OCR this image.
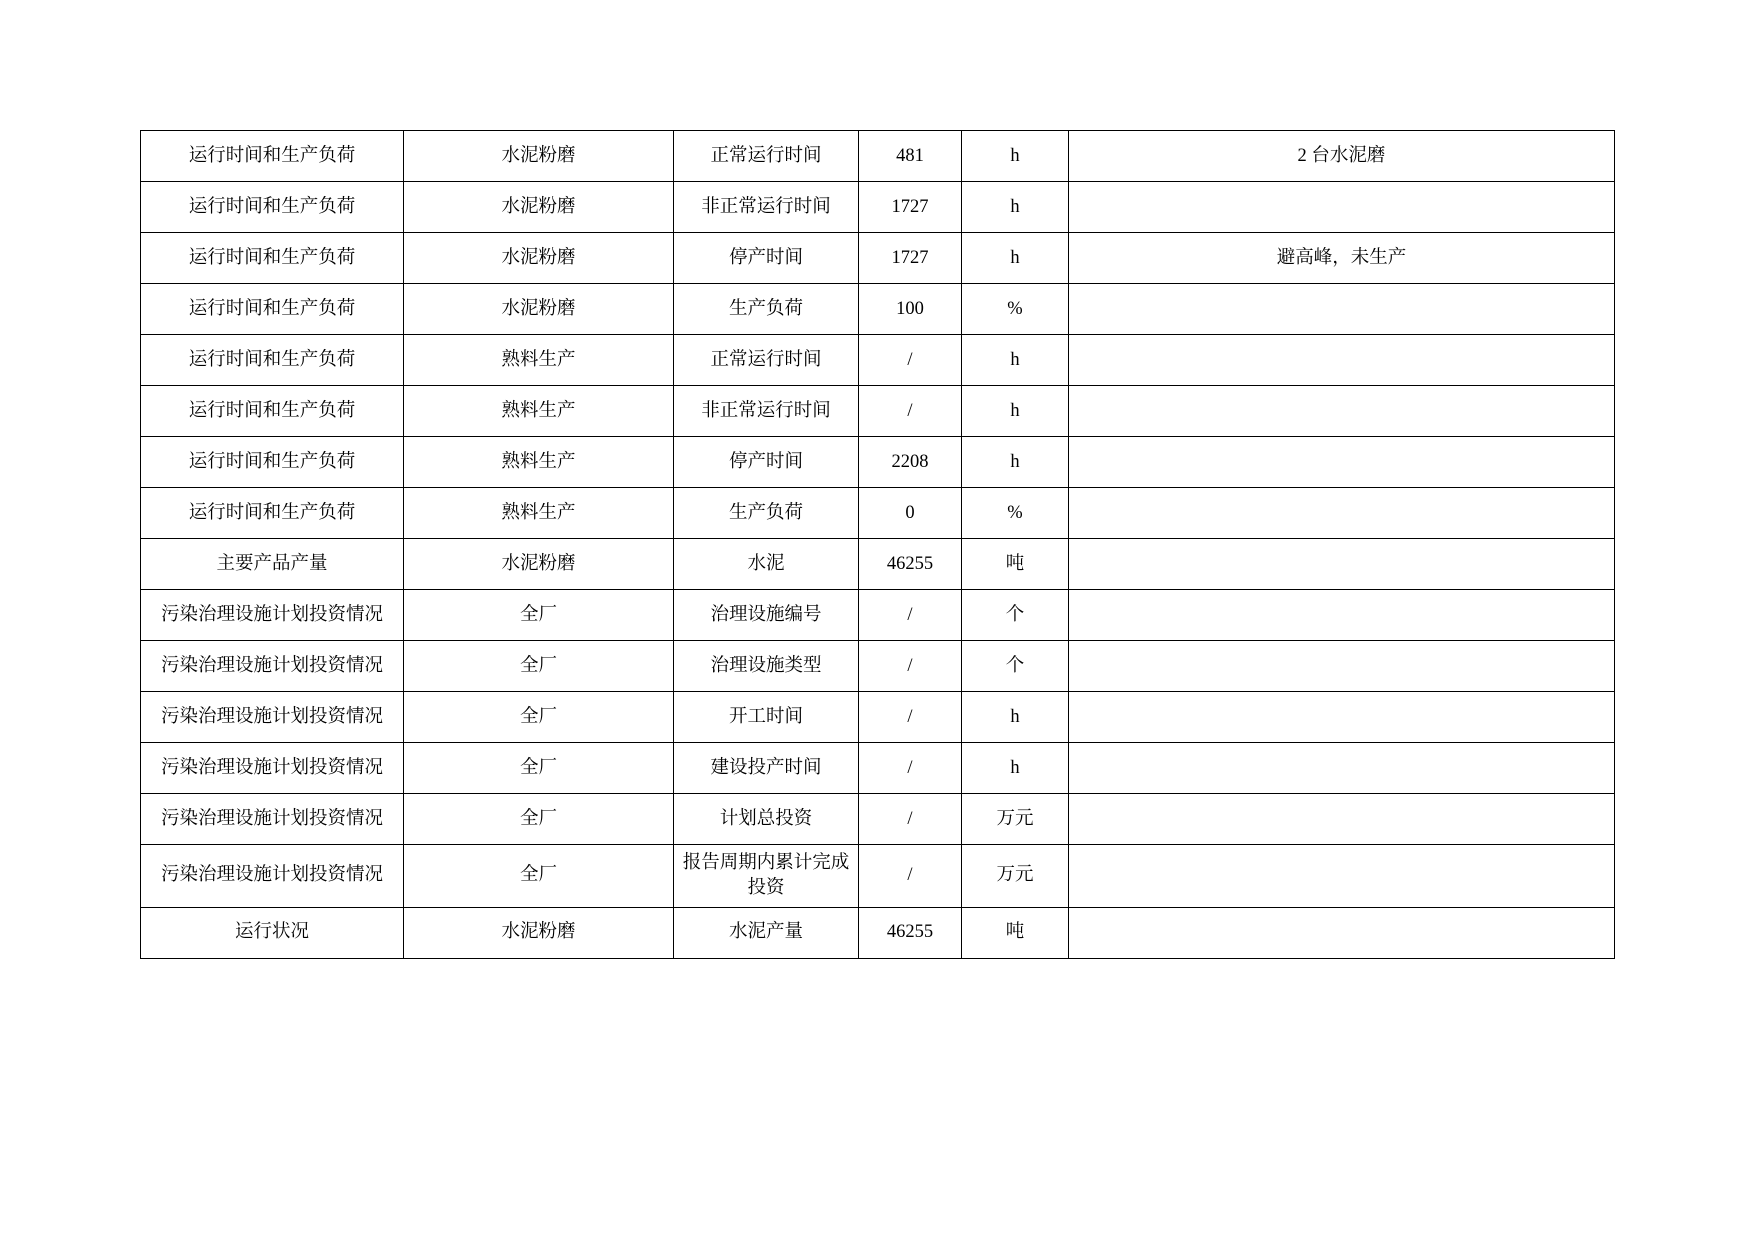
运行时间和生产负荷	水泥粉磨	正常运行时间	481	h	2 台水泥磨
运行时间和生产负荷	水泥粉磨	非正常运行时间	1727	h	
运行时间和生产负荷	水泥粉磨	停产时间	1727	h	避高峰，未生产
运行时间和生产负荷	水泥粉磨	生产负荷	100	%	
运行时间和生产负荷	熟料生产	正常运行时间	/	h	
运行时间和生产负荷	熟料生产	非正常运行时间	/	h	
运行时间和生产负荷	熟料生产	停产时间	2208	h	
运行时间和生产负荷	熟料生产	生产负荷	0	%	
主要产品产量	水泥粉磨	水泥	46255	吨	
污染治理设施计划投资情况	全厂	治理设施编号	/	个	
污染治理设施计划投资情况	全厂	治理设施类型	/	个	
污染治理设施计划投资情况	全厂	开工时间	/	h	
污染治理设施计划投资情况	全厂	建设投产时间	/	h	
污染治理设施计划投资情况	全厂	计划总投资	/	万元	
污染治理设施计划投资情况	全厂	报告周期内累计完成投资	/	万元	
运行状况	水泥粉磨	水泥产量	46255	吨	
